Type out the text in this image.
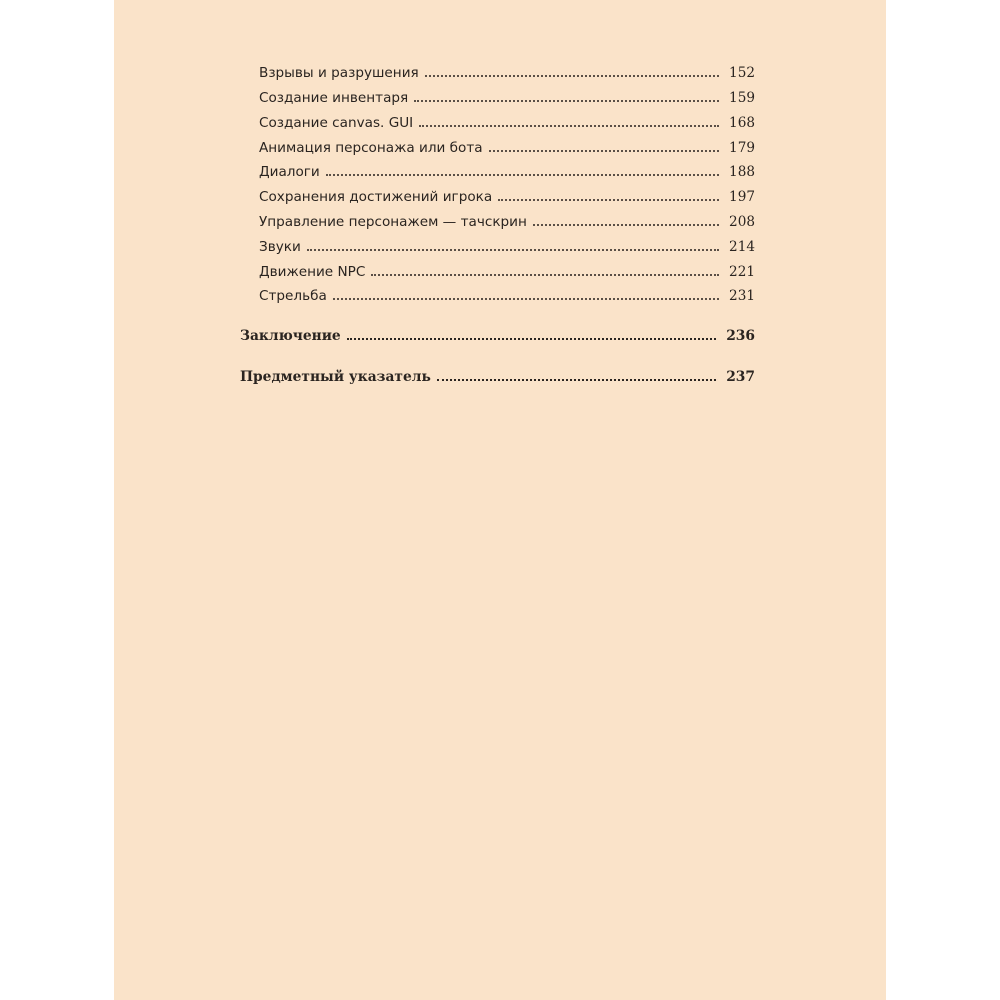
Взрывы и разрушения	152
Создание инвентаря	159
Создание canvas. GUI	168
Анимация персонажа или бота	179
Диалоги	188
Сохранения достижений игрока	197
Управление персонажем — тачскрин	208
Звуки	214
Движение NPC	221
Стрельба	231
Заключение	236
Предметный указатель	237
